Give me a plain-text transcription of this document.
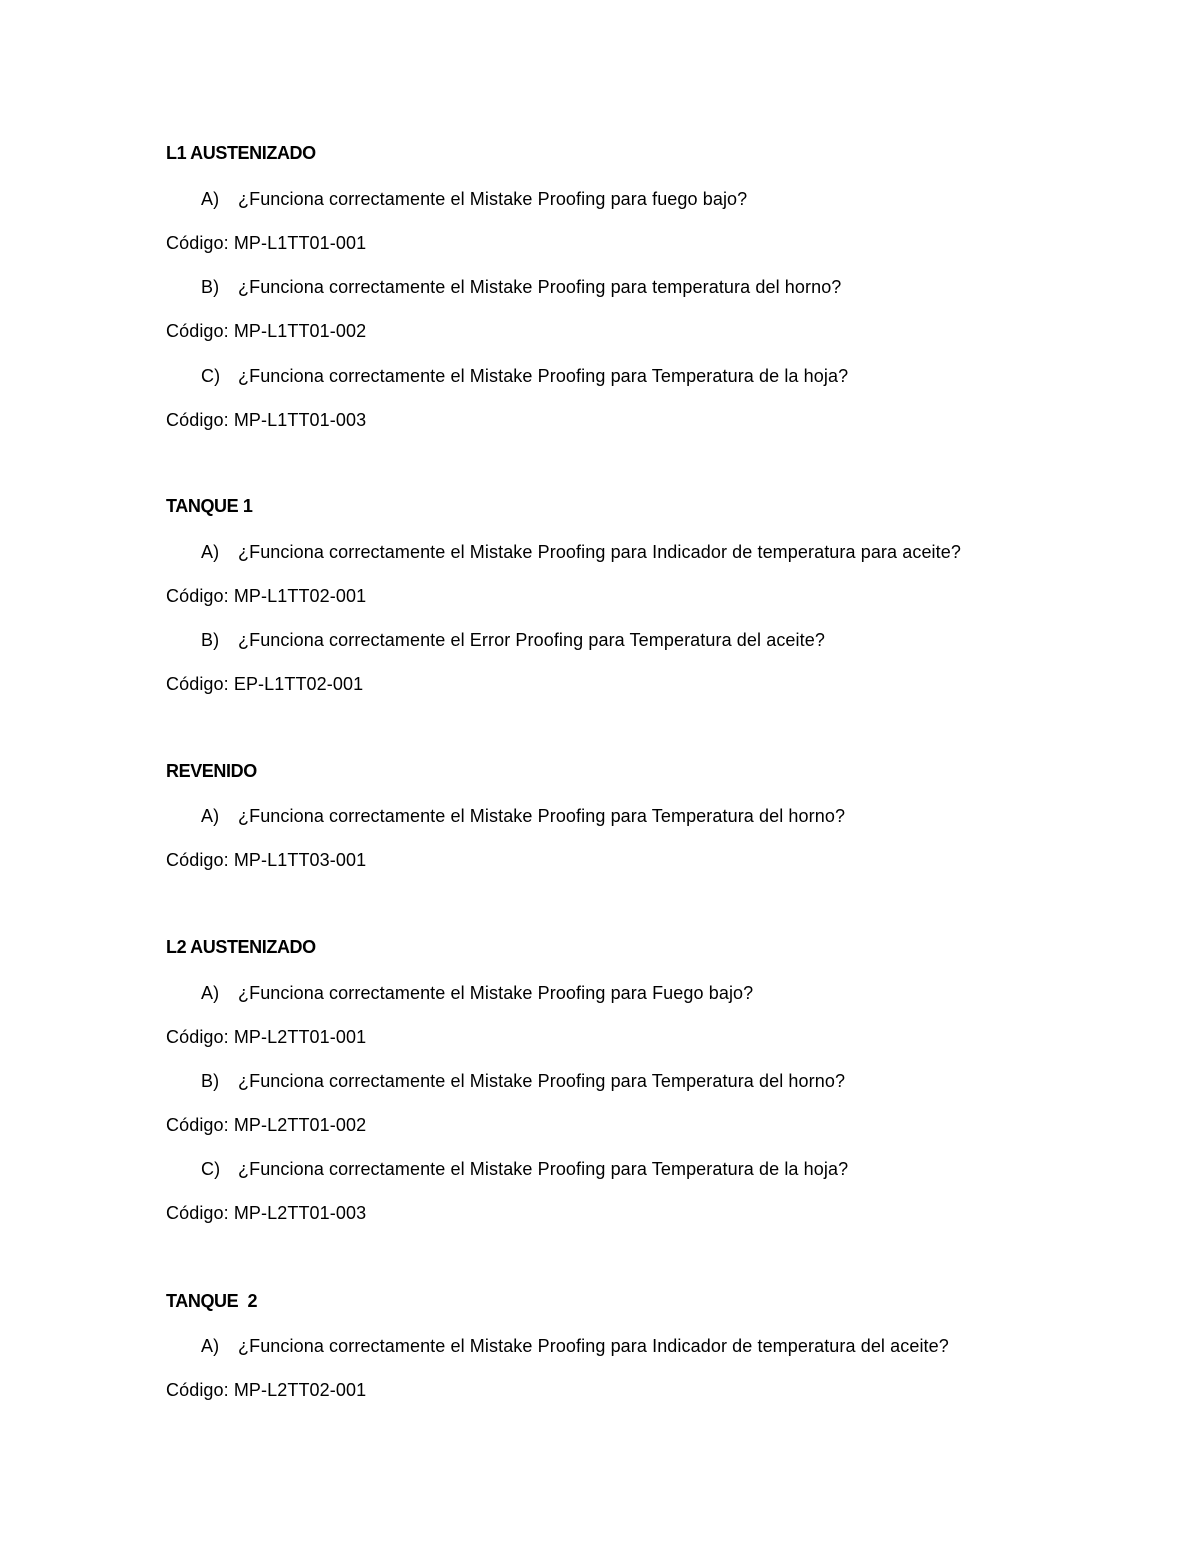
L1 AUSTENIZADO
A) ¿Funciona correctamente el Mistake Proofing para fuego bajo?
Código: MP-L1TT01-001
B) ¿Funciona correctamente el Mistake Proofing para temperatura del horno?
Código: MP-L1TT01-002
C) ¿Funciona correctamente el Mistake Proofing para Temperatura de la hoja?
Código: MP-L1TT01-003
TANQUE 1
A) ¿Funciona correctamente el Mistake Proofing para Indicador de temperatura para aceite?
Código: MP-L1TT02-001
B) ¿Funciona correctamente el Error Proofing para Temperatura del aceite?
Código: EP-L1TT02-001
REVENIDO
A) ¿Funciona correctamente el Mistake Proofing para Temperatura del horno?
Código: MP-L1TT03-001
L2 AUSTENIZADO
A) ¿Funciona correctamente el Mistake Proofing para Fuego bajo?
Código: MP-L2TT01-001
B) ¿Funciona correctamente el Mistake Proofing para Temperatura del horno?
Código: MP-L2TT01-002
C) ¿Funciona correctamente el Mistake Proofing para Temperatura de la hoja?
Código: MP-L2TT01-003
TANQUE  2
A) ¿Funciona correctamente el Mistake Proofing para Indicador de temperatura del aceite?
Código: MP-L2TT02-001
